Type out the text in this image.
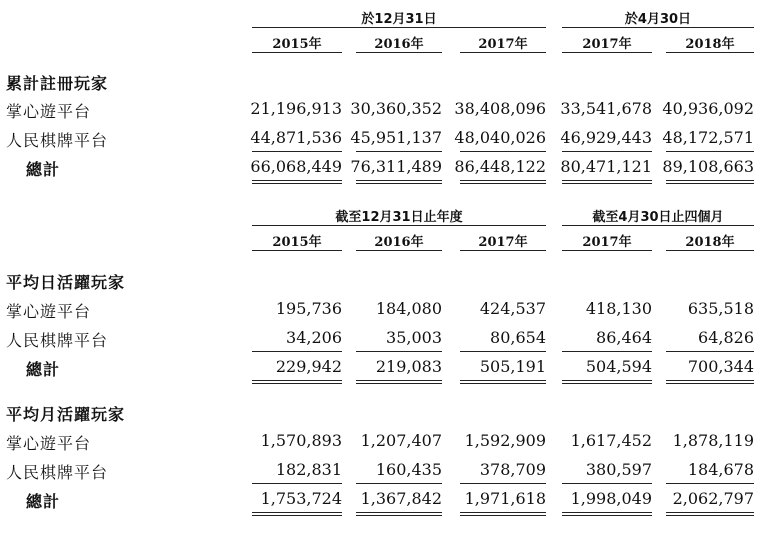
於12月31日	於4月30日
2015年	2016年	2017年	2017年	2018年
累計註冊玩家
掌心遊平台	21,196,913 30,360,352 38,408,096 33,541,678 40,936,092
人民棋牌平台	44,871,536 45,951,137 48,040,026 46,929,443 48,172,571
總計	66,068,449 76,311,489 86,448,122 80,471,121 89,108,663
截至12月31日止年度	截至4月30日止四個月
2015年	2016年	2017年	2017年	2018年
平均日活躍玩家
掌心遊平台	195,736	184,080	424,537	418,130	635,518
人民棋牌平台	34,206	35,003	80,654	86,464	64,826
總計	229,942	219,083	505,191	504,594	700,344
平均月活躍玩家
掌心遊平台	1,570,893	1,207,407	1,592,909	1,617,452	1,878,119
人民棋牌平台	182,831	160,435	378,709	380,597	184,678
總計	1,753,724	1,367,842	1,971,618	1,998,049	2,062,797
